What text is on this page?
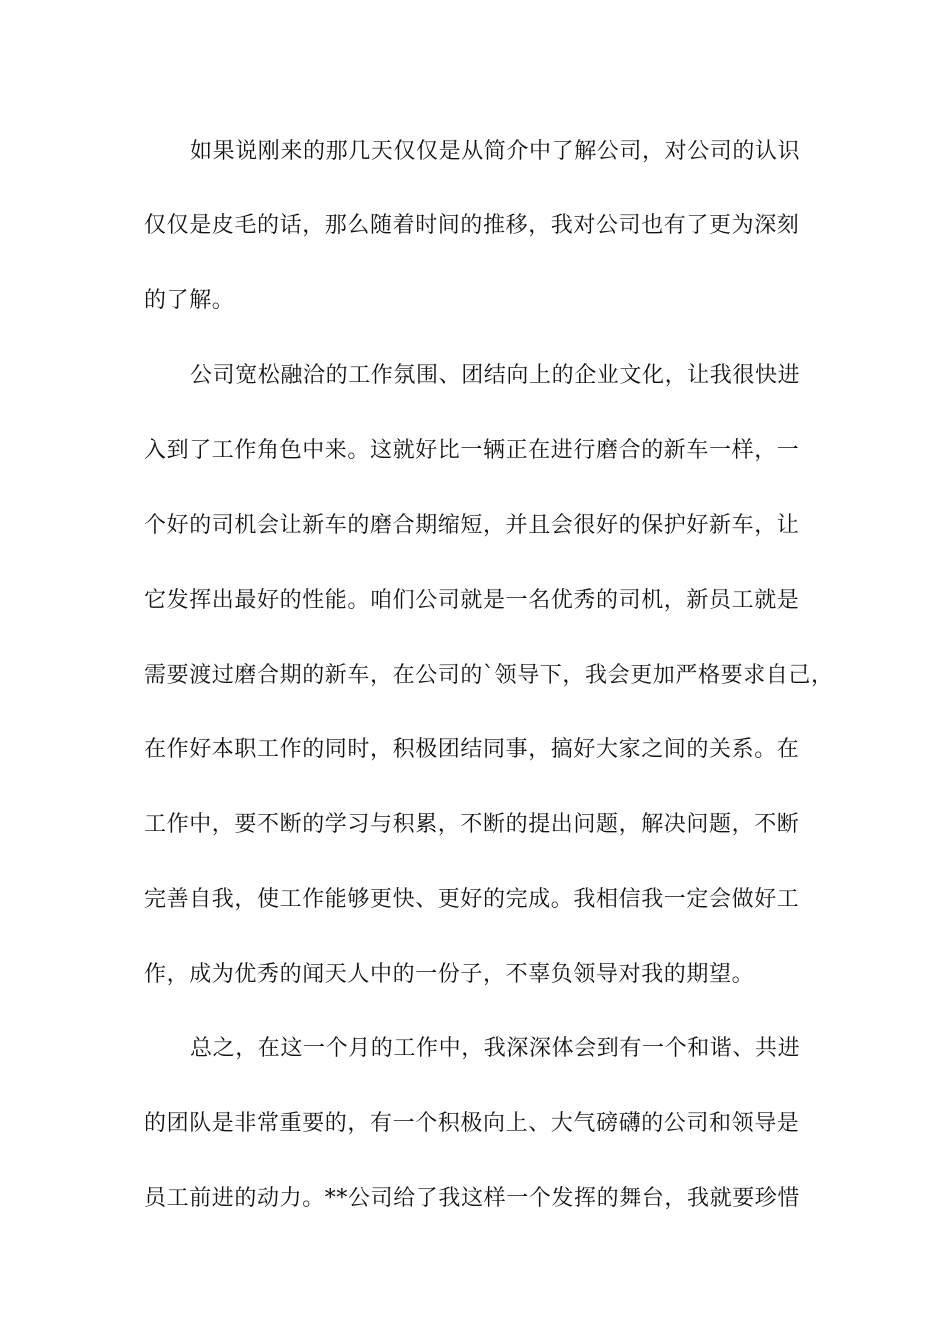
如果说刚来的那几天仅仅是从简介中了解公司，对公司的认识
仅仅是皮毛的话，那么随着时间的推移，我对公司也有了更为深刻
的了解。
公司宽松融洽的工作氛围、团结向上的企业文化，让我很快进
入到了工作角色中来。这就好比一辆正在进行磨合的新车一样，一
个好的司机会让新车的磨合期缩短，并且会很好的保护好新车，让
它发挥出最好的性能。咱们公司就是一名优秀的司机，新员工就是
需要渡过磨合期的新车，在公司的`领导下，我会更加严格要求自己，
在作好本职工作的同时，积极团结同事，搞好大家之间的关系。在
工作中，要不断的学习与积累，不断的提出问题，解决问题，不断
完善自我，使工作能够更快、更好的完成。我相信我一定会做好工
作，成为优秀的闻天人中的一份子，不辜负领导对我的期望。
总之，在这一个月的工作中，我深深体会到有一个和谐、共进
的团队是非常重要的，有一个积极向上、大气磅礴的公司和领导是
员工前进的动力。**公司给了我这样一个发挥的舞台，我就要珍惜
